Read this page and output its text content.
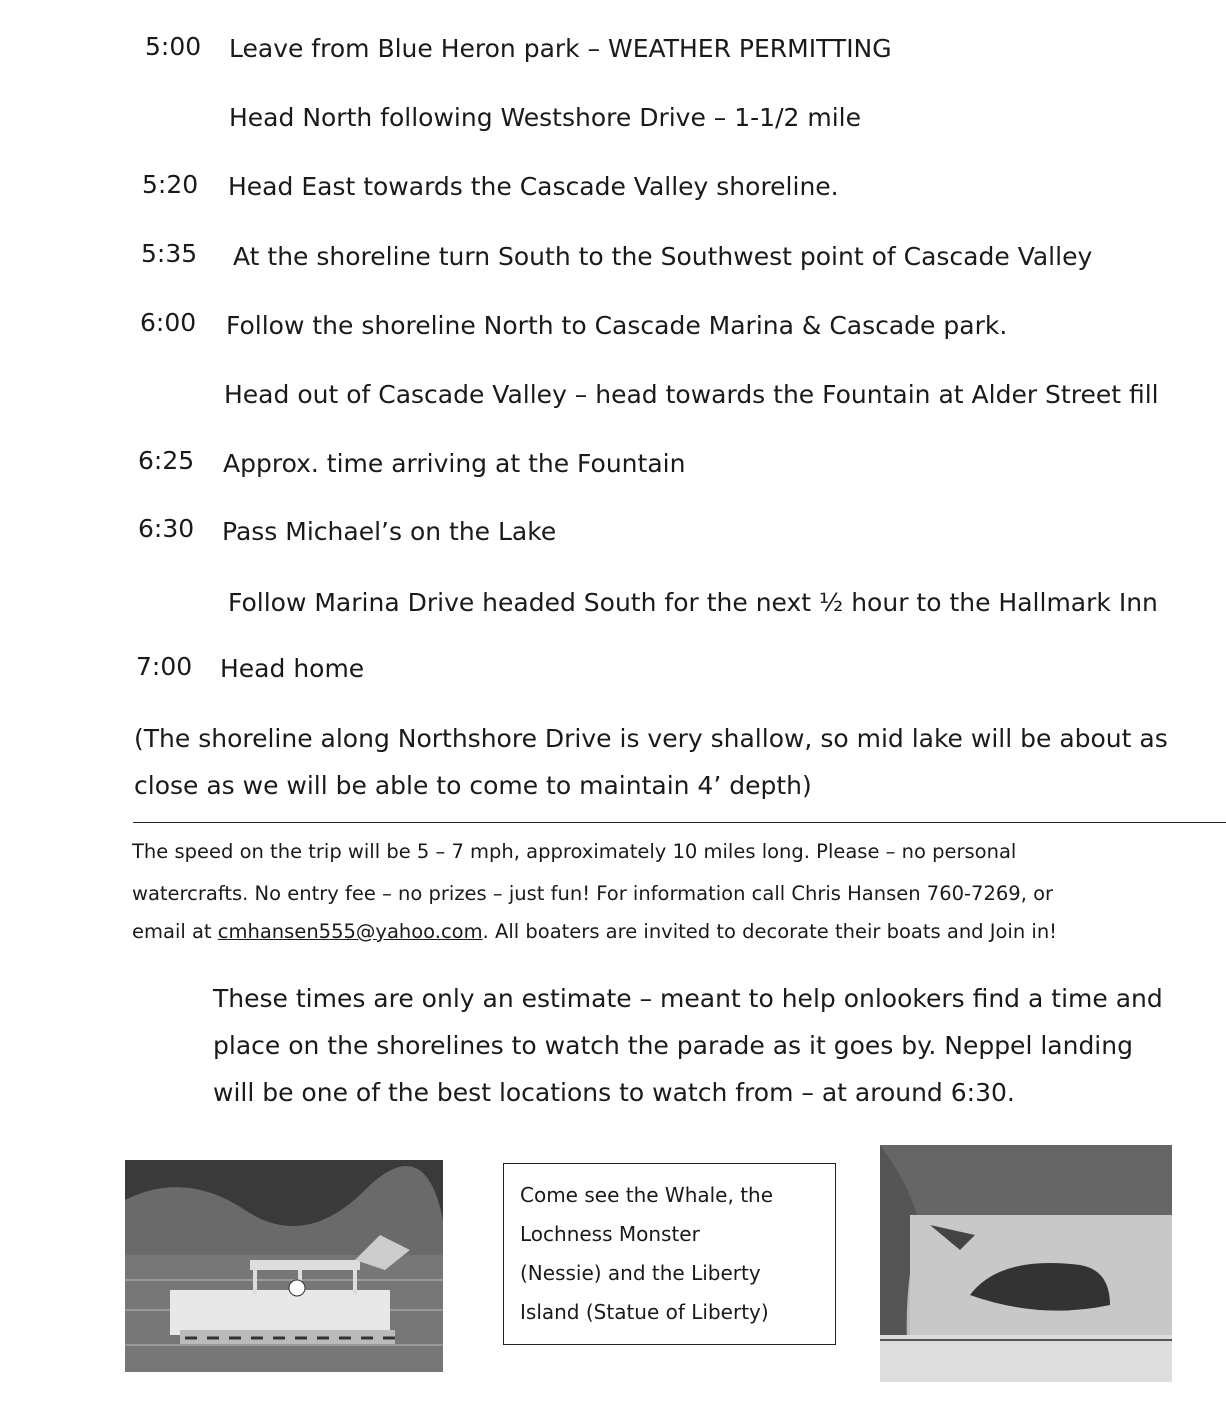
5:00 Leave from Blue Heron park – WEATHER PERMITTING
Head North following Westshore Drive – 1-1/2 mile
5:20 Head East towards the Cascade Valley shoreline.
5:35 At the shoreline turn South to the Southwest point of Cascade Valley
6:00 Follow the shoreline North to Cascade Marina & Cascade park.
Head out of Cascade Valley – head towards the Fountain at Alder Street fill
6:25 Approx. time arriving at the Fountain
6:30 Pass Michael’s on the Lake
Follow Marina Drive headed South for the next ½ hour to the Hallmark Inn
7:00 Head home
(The shoreline along Northshore Drive is very shallow, so mid lake will be about as
close as we will be able to come to maintain 4’ depth)
The speed on the trip will be 5 – 7 mph, approximately 10 miles long. Please – no personal
watercrafts. No entry fee – no prizes – just fun! For information call Chris Hansen 760-7269, or
email at cmhansen555@yahoo.com. All boaters are invited to decorate their boats and Join in!
These times are only an estimate – meant to help onlookers find a time and
place on the shorelines to watch the parade as it goes by. Neppel landing
will be one of the best locations to watch from – at around 6:30.
Come see the Whale, the
Lochness Monster
(Nessie) and the Liberty
Island (Statue of Liberty)
